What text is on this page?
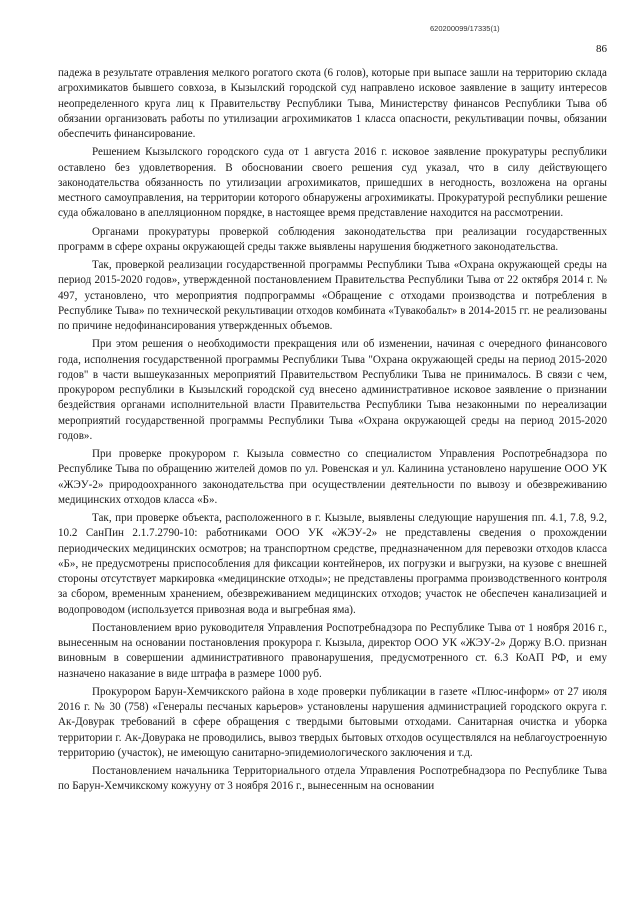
620200099/17335(1)
86

падежа в результате отравления мелкого рогатого скота (6 голов), которые при выпасе зашли на территорию склада агрохимикатов бывшего совхоза, в Кызылский городской суд направлено исковое заявление в защиту интересов неопределенного круга лиц к Правительству Республики Тыва, Министерству финансов Республики Тыва об обязании организовать работы по утилизации агрохимикатов 1 класса опасности, рекультивации почвы, обязании обеспечить финансирование.

Решением Кызылского городского суда от 1 августа 2016 г. исковое заявление прокуратуры республики оставлено без удовлетворения. В обосновании своего решения суд указал, что в силу действующего законодательства обязанность по утилизации агрохимикатов, пришедших в негодность, возложена на органы местного самоуправления, на территории которого обнаружены агрохимикаты. Прокуратурой республики решение суда обжаловано в апелляционном порядке, в настоящее время представление находится на рассмотрении.

Органами прокуратуры проверкой соблюдения законодательства при реализации государственных программ в сфере охраны окружающей среды также выявлены нарушения бюджетного законодательства.

Так, проверкой реализации государственной программы Республики Тыва «Охрана окружающей среды на период 2015-2020 годов», утвержденной постановлением Правительства Республики Тыва от 22 октября 2014 г. № 497, установлено, что мероприятия подпрограммы «Обращение с отходами производства и потребления в Республике Тыва» по технической рекультивации отходов комбината «Тувакобальт» в 2014-2015 гг. не реализованы по причине недофинансирования утвержденных объемов.

При этом решения о необходимости прекращения или об изменении, начиная с очередного финансового года, исполнения государственной программы Республики Тыва "Охрана окружающей среды на период 2015-2020 годов" в части вышеуказанных мероприятий Правительством Республики Тыва не принималось. В связи с чем, прокурором республики в Кызылский городской суд внесено административное исковое заявление о признании бездействия органами исполнительной власти Правительства Республики Тыва незаконными по нереализации мероприятий государственной программы Республики Тыва «Охрана окружающей среды на период 2015-2020 годов».

При проверке прокурором г. Кызыла совместно со специалистом Управления Роспотребнадзора по Республике Тыва по обращению жителей домов по ул. Ровенская и ул. Калинина установлено нарушение ООО УК «ЖЭУ-2» природоохранного законодательства при осуществлении деятельности по вывозу и обезвреживанию медицинских отходов класса «Б».

Так, при проверке объекта, расположенного в г. Кызыле, выявлены следующие нарушения пп. 4.1, 7.8, 9.2, 10.2 СанПин 2.1.7.2790-10: работниками ООО УК «ЖЭУ-2» не представлены сведения о прохождении периодических медицинских осмотров; на транспортном средстве, предназначенном для перевозки отходов класса «Б», не предусмотрены приспособления для фиксации контейнеров, их погрузки и выгрузки, на кузове с внешней стороны отсутствует маркировка «медицинские отходы»; не представлены программа производственного контроля за сбором, временным хранением, обезвреживанием медицинских отходов; участок не обеспечен канализацией и водопроводом (используется привозная вода и выгребная яма).

Постановлением врио руководителя Управления Роспотребнадзора по Республике Тыва от 1 ноября 2016 г., вынесенным на основании постановления прокурора г. Кызыла, директор ООО УК «ЖЭУ-2» Доржу В.О. признан виновным в совершении административного правонарушения, предусмотренного ст. 6.3 КоАП РФ, и ему назначено наказание в виде штрафа в размере 1000 руб.

Прокурором Барун-Хемчикского района в ходе проверки публикации в газете «Плюс-информ» от 27 июля 2016 г. № 30 (758) «Генералы песчаных карьеров» установлены нарушения администрацией городского округа г. Ак-Довурак требований в сфере обращения с твердыми бытовыми отходами. Санитарная очистка и уборка территории г. Ак-Довурака не проводились, вывоз твердых бытовых отходов осуществлялся на неблагоустроенную территорию (участок), не имеющую санитарно-эпидемиологического заключения и т.д.

Постановлением начальника Территориального отдела Управления Роспотребнадзора по Республике Тыва по Барун-Хемчикскому кожууну от 3 ноября 2016 г., вынесенным на основании
